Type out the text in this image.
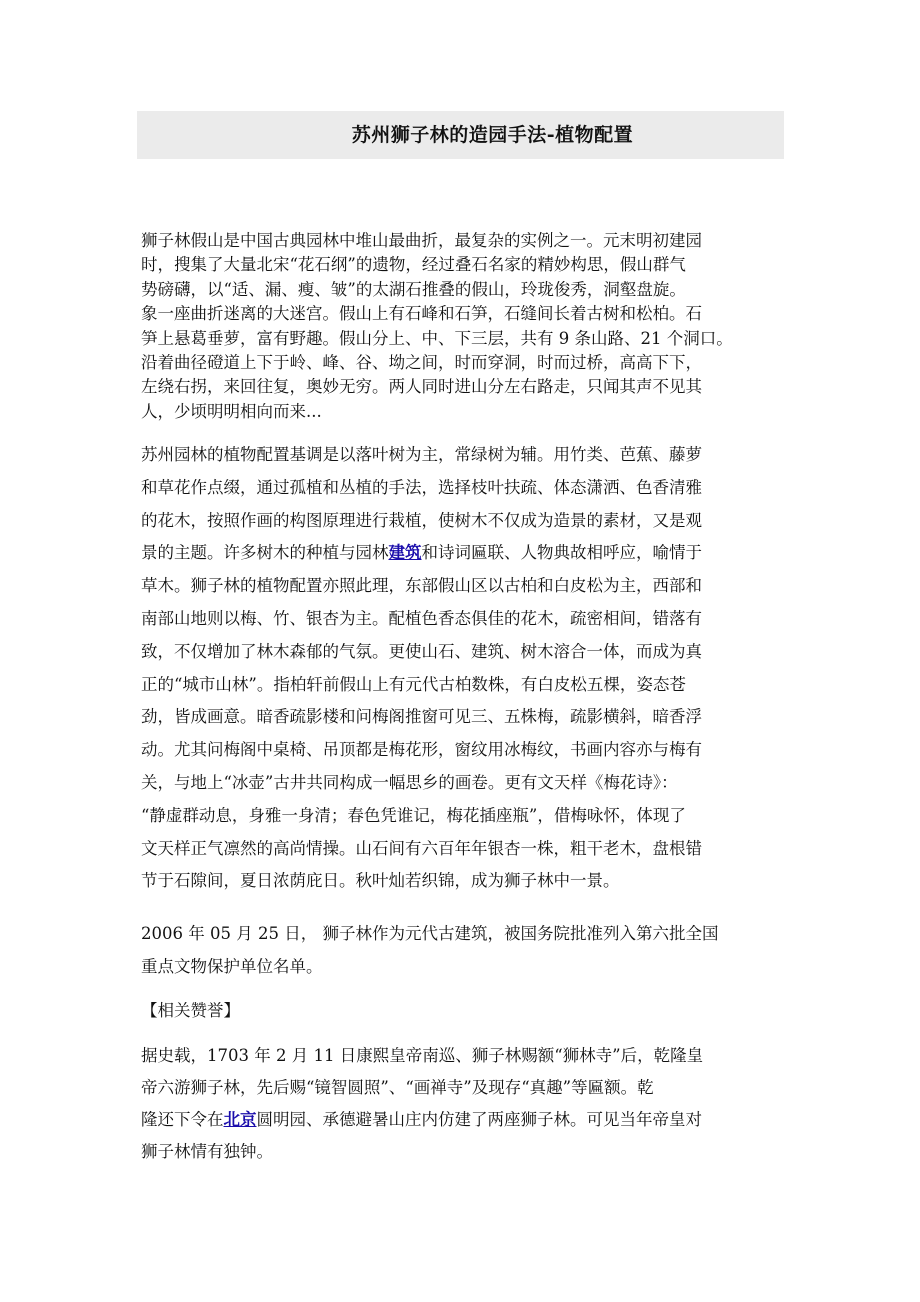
苏州狮子林的造园手法-植物配置
狮子林假山是中国古典园林中堆山最曲折，最复杂的实例之一。元末明初建园
时，搜集了大量北宋“花石纲”的遗物，经过叠石名家的精妙构思，假山群气
势磅礴，以“适、漏、瘦、皱”的太湖石推叠的假山，玲珑俊秀，洞壑盘旋。
象一座曲折迷离的大迷宫。假山上有石峰和石笋，石缝间长着古树和松柏。石
笋上悬葛垂萝，富有野趣。假山分上、中、下三层，共有 9 条山路、21 个洞口。
沿着曲径磴道上下于岭、峰、谷、坳之间，时而穿洞，时而过桥，高高下下，
左绕右拐，来回往复，奥妙无穷。两人同时进山分左右路走，只闻其声不见其
人，少顷明明相向而来...
苏州园林的植物配置基调是以落叶树为主，常绿树为辅。用竹类、芭蕉、藤萝
和草花作点缀，通过孤植和丛植的手法，选择枝叶扶疏、体态潇洒、色香清雅
的花木，按照作画的构图原理进行栽植，使树木不仅成为造景的素材，又是观
景的主题。许多树木的种植与园林建筑和诗词匾联、人物典故相呼应，喻情于
草木。狮子林的植物配置亦照此理，东部假山区以古柏和白皮松为主，西部和
南部山地则以梅、竹、银杏为主。配植色香态俱佳的花木，疏密相间，错落有
致，不仅增加了林木森郁的气氛。更使山石、建筑、树木溶合一体，而成为真
正的“城市山林”。指柏轩前假山上有元代古柏数株，有白皮松五棵，姿态苍
劲，皆成画意。暗香疏影楼和问梅阁推窗可见三、五株梅，疏影横斜，暗香浮
动。尤其问梅阁中桌椅、吊顶都是梅花形，窗纹用冰梅纹，书画内容亦与梅有
关，与地上“冰壶”古井共同构成一幅思乡的画卷。更有文天样《梅花诗》：
“静虚群动息，身雅一身清；春色凭谁记，梅花插座瓶”，借梅咏怀，体现了
文天样正气凛然的高尚情操。山石间有六百年年银杏一株，粗干老木，盘根错
节于石隙间，夏日浓荫庇日。秋叶灿若织锦，成为狮子林中一景。
2006 年 05 月 25 日， 狮子林作为元代古建筑，被国务院批准列入第六批全国
重点文物保护单位名单。
【相关赞誉】
据史载，1703 年 2 月 11 日康熙皇帝南巡、狮子林赐额“狮林寺”后，乾隆皇
帝六游狮子林，先后赐“镜智圆照”、“画禅寺”及现存“真趣”等匾额。乾
隆还下令在北京圆明园、承德避暑山庄内仿建了两座狮子林。可见当年帝皇对
狮子林情有独钟。
